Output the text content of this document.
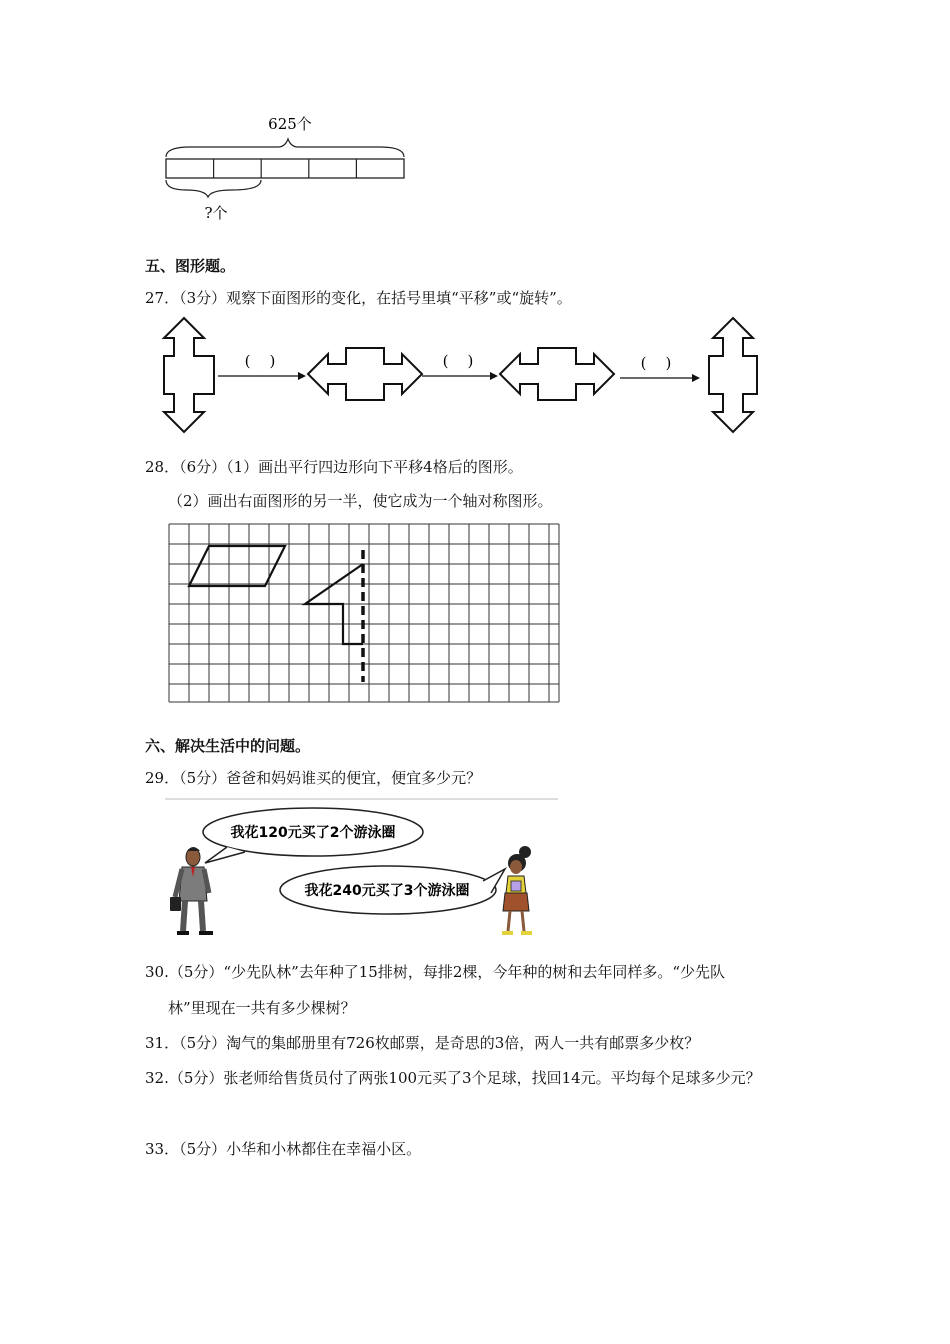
625个
?个
五、图形题。
27．（3分）观察下面图形的变化，在括号里填“平移”或“旋转”。
(    )	(    )	(    )
28．（6分）（1）画出平行四边形向下平移4格后的图形。
（2）画出右面图形的另一半，使它成为一个轴对称图形。
六、解决生活中的问题。
29．（5分）爸爸和妈妈谁买的便宜，便宜多少元？
我花120元买了2个游泳圈
我花240元买了3个游泳圈
30.（5分）“少先队林”去年种了15排树，每排2棵，今年种的树和去年同样多。“少先队
林”里现在一共有多少棵树？
31．（5分）淘气的集邮册里有726枚邮票，是奇思的3倍，两人一共有邮票多少枚？
32.（5分）张老师给售货员付了两张100元买了3个足球，找回14元。平均每个足球多少元？
33．（5分）小华和小林都住在幸福小区。
